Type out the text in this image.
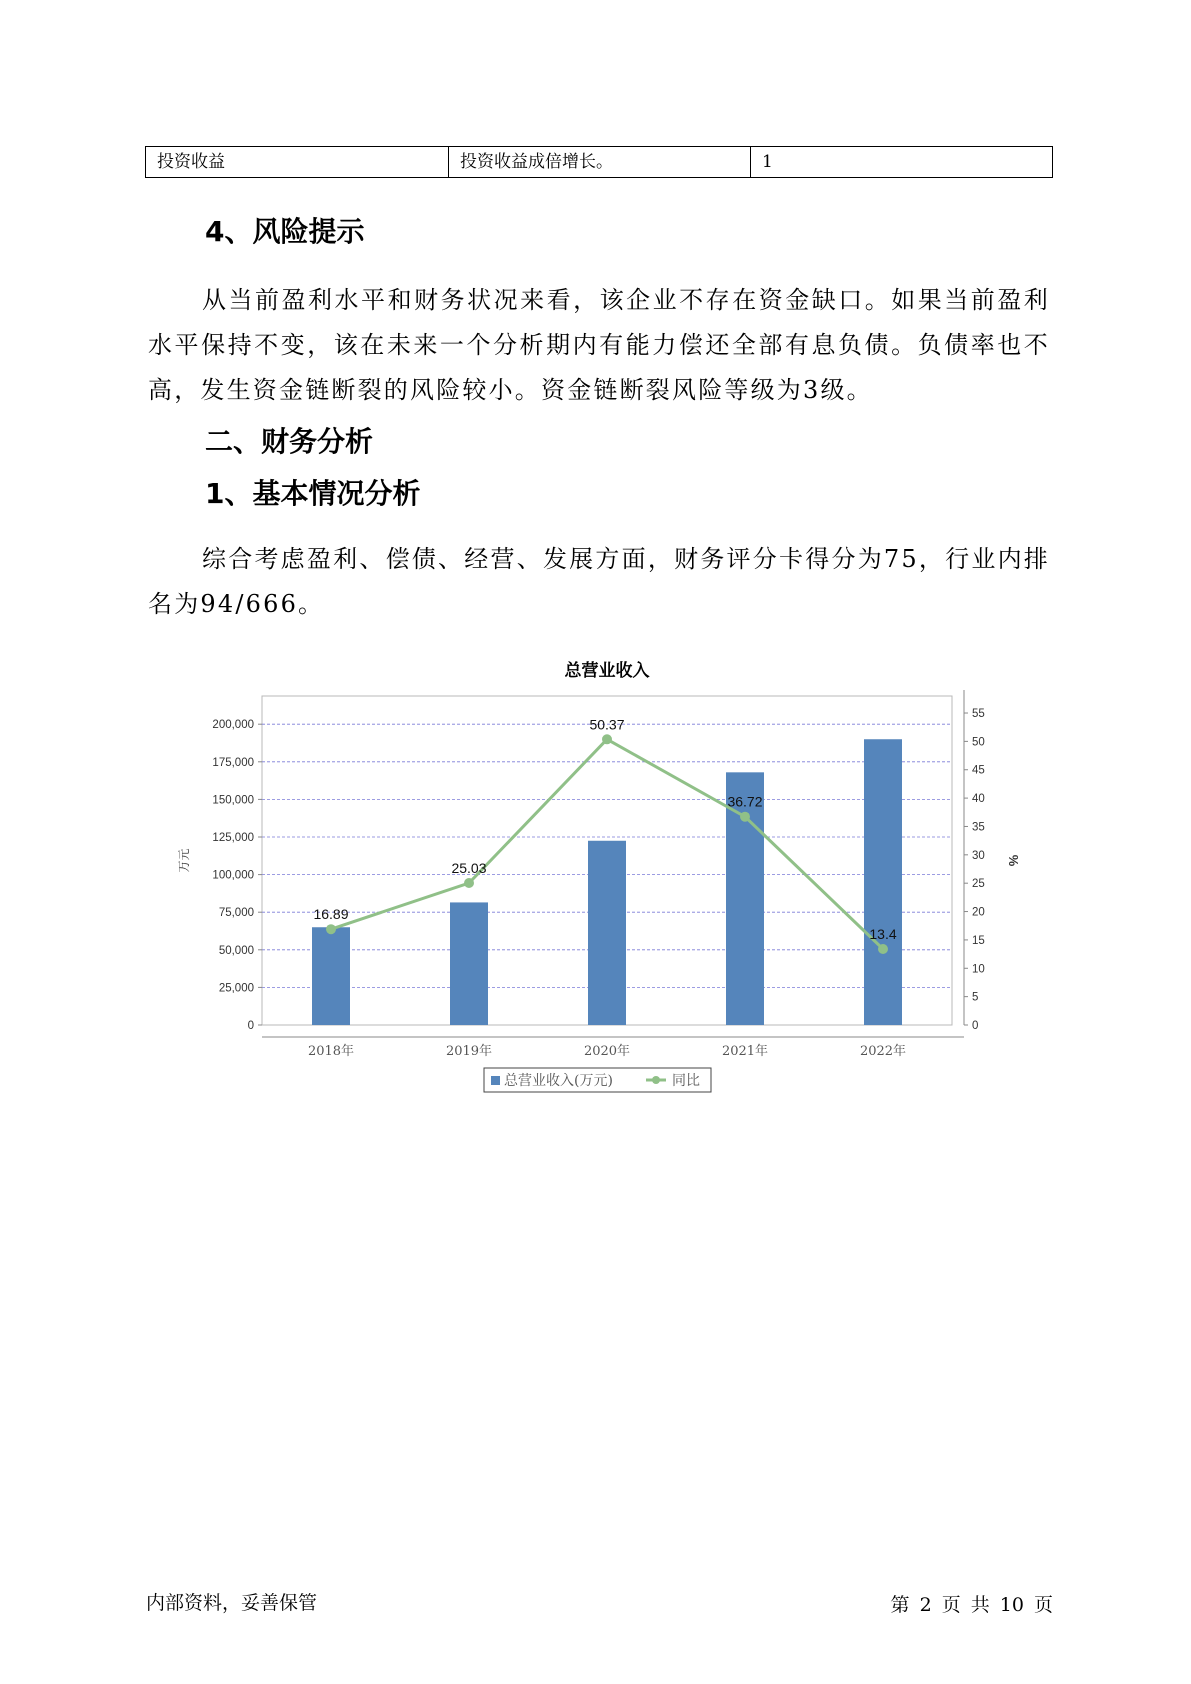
投资收益	投资收益成倍增长。	1
4、风险提示
从当前盈利水平和财务状况来看，该企业不存在资金缺口。如果当前盈利水平保持不变，该在未来一个分析期内有能力偿还全部有息负债。负债率也不高，发生资金链断裂的风险较小。资金链断裂风险等级为3级。
二、财务分析
1、基本情况分析
综合考虑盈利、偿债、经营、发展方面，财务评分卡得分为75，行业内排名为94/666。
总营业收入
0
25,000
50,000
75,000
100,000
125,000
150,000
175,000
200,000
0
5
10
15
20
25
30
35
40
45
50
55
万元	%
2018年	2019年	2020年	2021年	2022年
16.89
25.03
50.37
36.72
13.4
总营业收入(万元)	同比
内部资料，妥善保管	第 2 页 共 10 页
